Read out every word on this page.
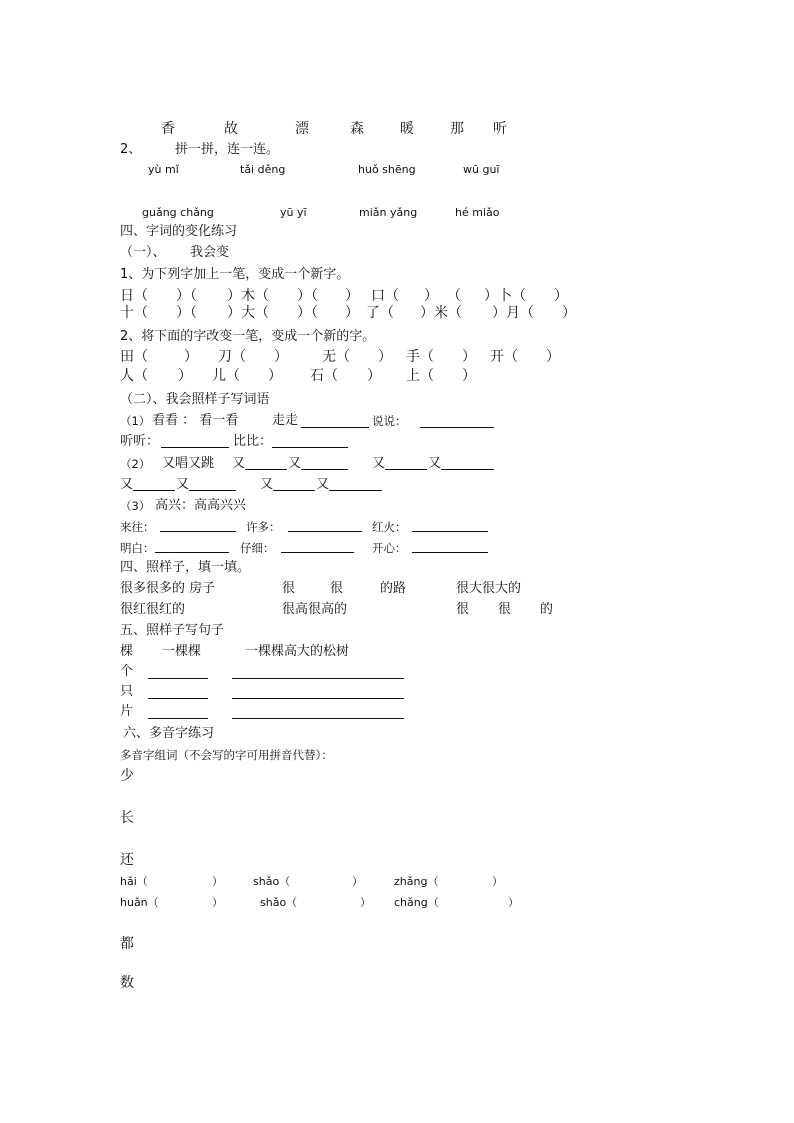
香	故	漂	森	暖	那 听
2、	拼一拼，连一连。
yù mǐ	tǎi děng	huǒ shēng	wū guī
guǎng chǎng	yū yī	miǎn yǎng	hé miǎo
四、字词的变化练习
（一）、 我会变
1、为下列字加上一笔，变成一个新字。
日（ ）（ ）木（ ）（ ） 口（ ） （ ）卜（ ）
十（ ）（ ）大（ ）（ ） 了（ ）米（ ）月（ ）
2、将下面的字改变一笔，变成一个新的字。
田（	） 刀（ ） 无（ ） 手（ ） 开（ ）
人（ ） 儿（ ） 石（ ） 上（ ）
（二）、我会照样子写词语
（1） 看看 ： 看一看	走走	说说：
听听：	比比：
（2） 又唱又跳 又	又	又	又
又	又	又	又
（3） 高兴：高高兴兴
来往：	许多：	红火：
明白：	仔细：	开心：
四、照样子，填一填。
很多很多的 房子	很	很	的路	很大很大的
很红很红的	很高很高的	很 很 的
五、照样子写句子
棵 一棵棵	一棵棵高大的松树
个
只
片
六、多音字练习
多音字组词（不会写的字可用拼音代替）：
少
长
还
hǎi（	）	shǎo（	）	zhǎng（	）
huǎn（	）	shǎo（	） chǎng（	）
都
数
